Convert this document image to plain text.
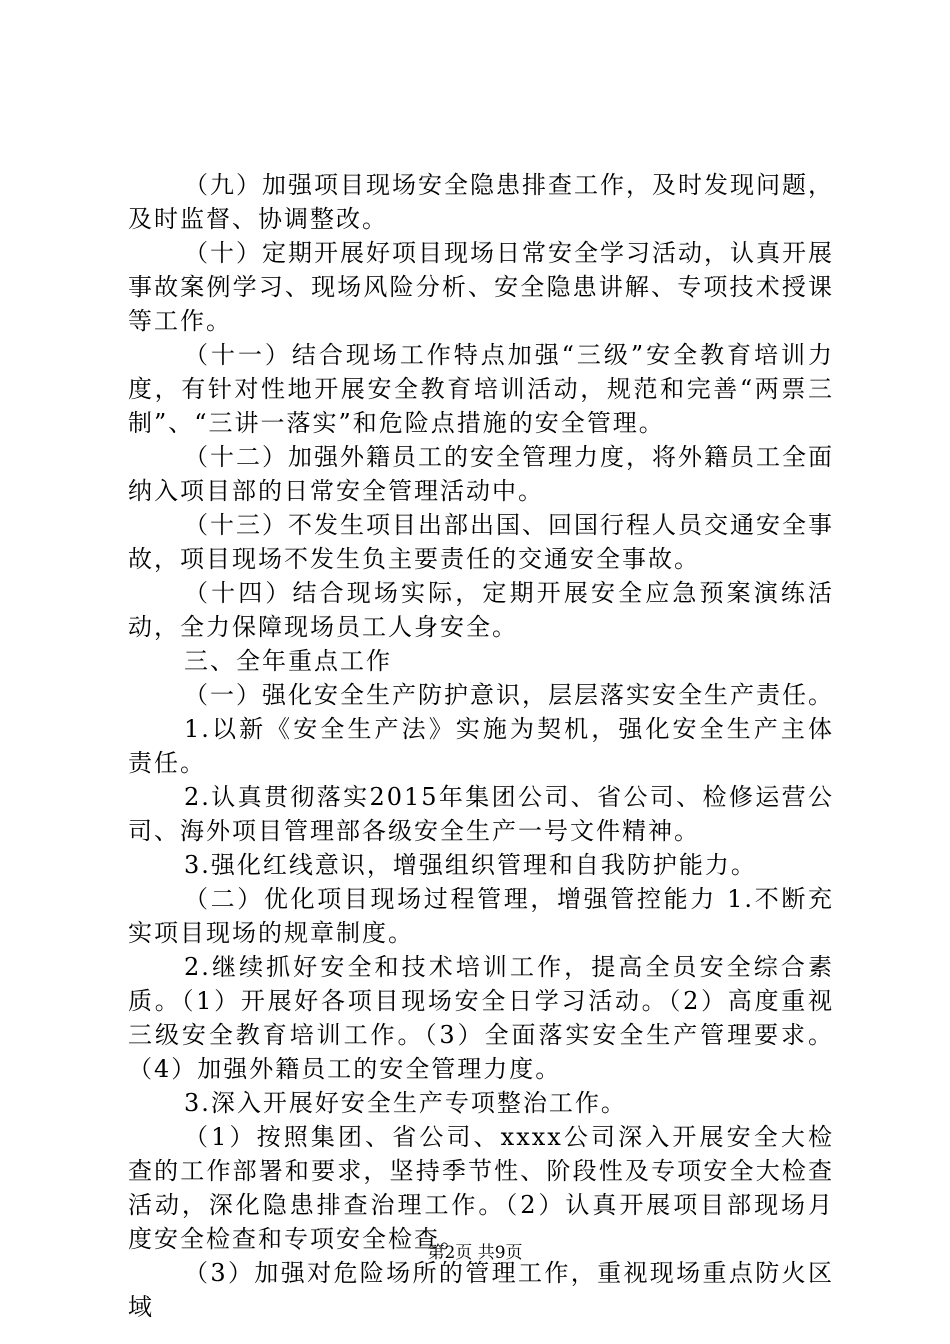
（九）加强项目现场安全隐患排查工作，及时发现问题，及时监督、协调整改。

（十）定期开展好项目现场日常安全学习活动，认真开展事故案例学习、现场风险分析、安全隐患讲解、专项技术授课等工作。

（十一）结合现场工作特点加强“三级”安全教育培训力度，有针对性地开展安全教育培训活动，规范和完善“两票三制”、“三讲一落实”和危险点措施的安全管理。

（十二）加强外籍员工的安全管理力度，将外籍员工全面纳入项目部的日常安全管理活动中。

（十三）不发生项目出部出国、回国行程人员交通安全事故，项目现场不发生负主要责任的交通安全事故。

（十四）结合现场实际，定期开展安全应急预案演练活动，全力保障现场员工人身安全。

三、全年重点工作

（一）强化安全生产防护意识，层层落实安全生产责任。

1.以新《安全生产法》实施为契机，强化安全生产主体责任。

2.认真贯彻落实2015年集团公司、省公司、检修运营公司、海外项目管理部各级安全生产一号文件精神。

3.强化红线意识，增强组织管理和自我防护能力。

（二）优化项目现场过程管理，增强管控能力 1.不断充实项目现场的规章制度。

2.继续抓好安全和技术培训工作，提高全员安全综合素质。（1）开展好各项目现场安全日学习活动。（2）高度重视三级安全教育培训工作。（3）全面落实安全生产管理要求。（4）加强外籍员工的安全管理力度。

3.深入开展好安全生产专项整治工作。

（1）按照集团、省公司、xxxx公司深入开展安全大检查的工作部署和要求，坚持季节性、阶段性及专项安全大检查活动，深化隐患排查治理工作。（2）认真开展项目部现场月度安全检查和专项安全检查。

（3）加强对危险场所的管理工作，重视现场重点防火区域

第2页 共9页
